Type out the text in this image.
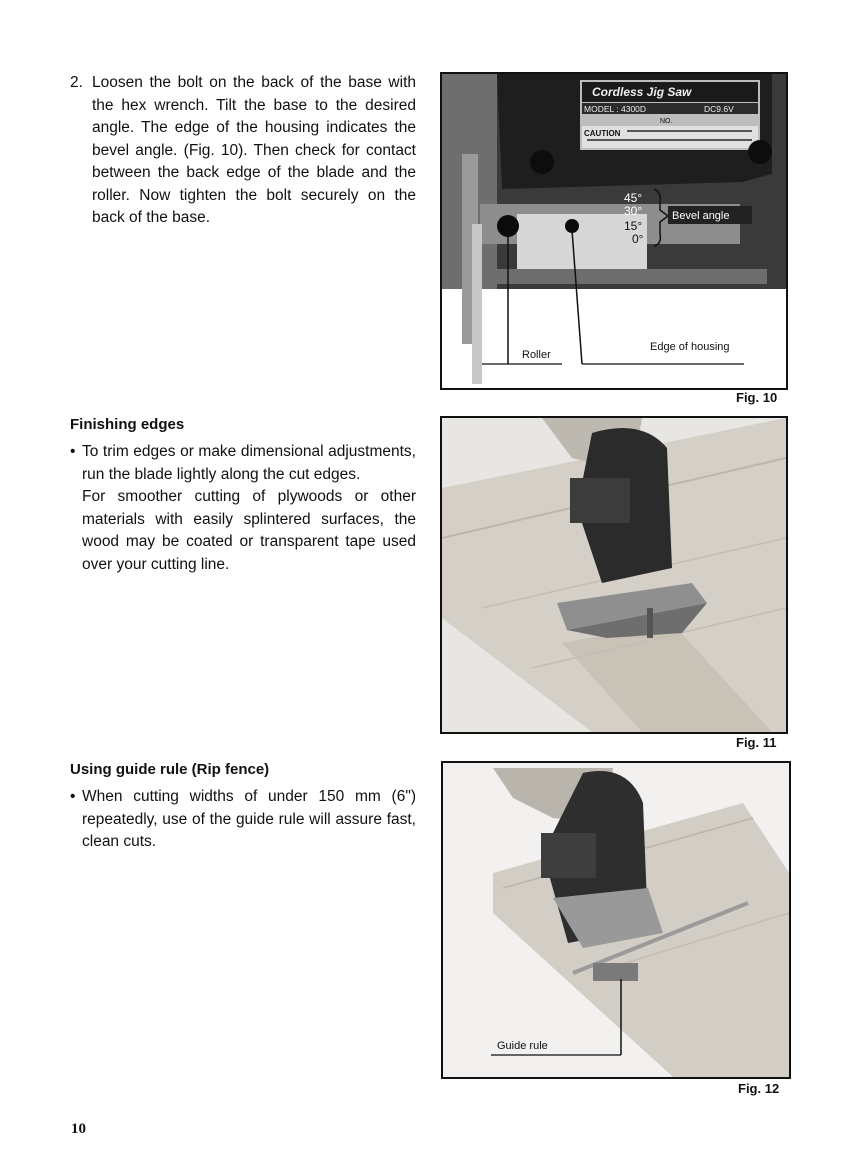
2. Loosen the bolt on the back of the base with the hex wrench. Tilt the base to the desired angle. The edge of the housing indicates the bevel angle. (Fig. 10). Then check for contact between the back edge of the blade and the roller. Now tighten the bolt securely on the back of the base.

Cordless Jig Saw
MODEL : 4300D	DC9.6V
NO.
CAUTION
45°
30°
15°
0°
Bevel angle
Roller
Edge of housing
Fig. 10
Finishing edges
• To trim edges or make dimensional adjustments, run the blade lightly along the cut edges.

For smoother cutting of plywoods or other materials with easily splintered surfaces, the wood may be coated or transparent tape used over your cutting line.

Fig. 11
Using guide rule (Rip fence)
• When cutting widths of under 150 mm (6") repeatedly, use of the guide rule will assure fast, clean cuts.

Guide rule
Fig. 12
10
